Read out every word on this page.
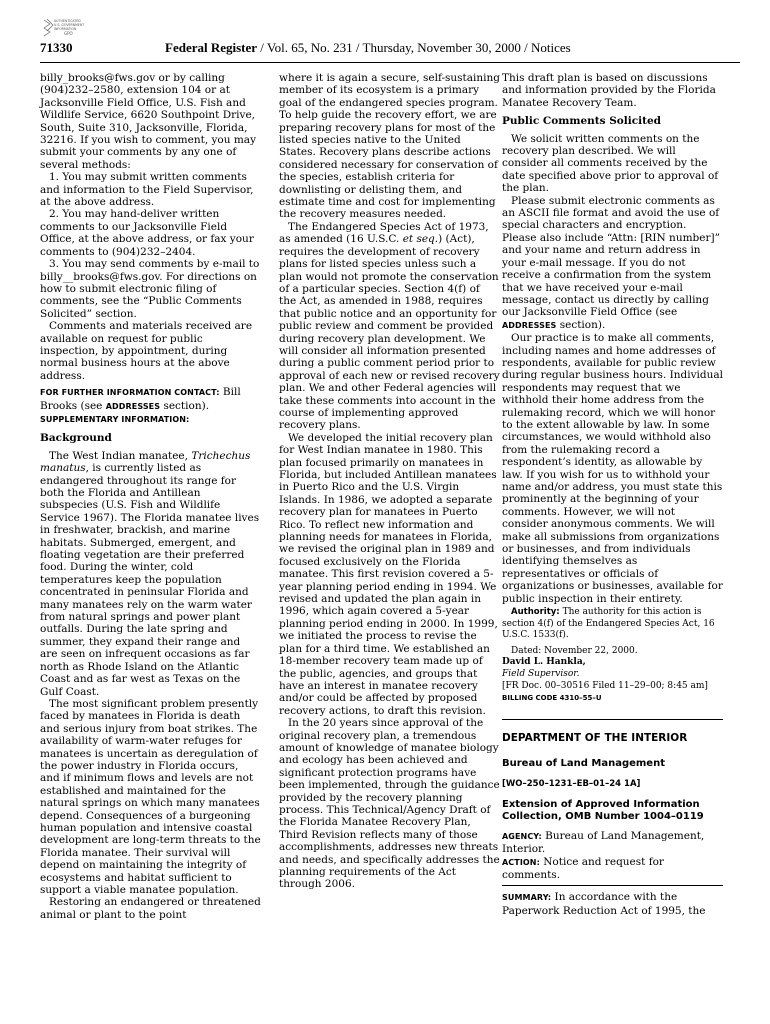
AUTHENTICATED
U.S. GOVERNMENT
INFORMATION
GPO
71330	Federal Register / Vol. 65, No. 231 / Thursday, November 30, 2000 / Notices

billy_brooks@fws.gov or by calling (904)232–2580, extension 104 or at Jacksonville Field Office, U.S. Fish and Wildlife Service, 6620 Southpoint Drive, South, Suite 310, Jacksonville, Florida, 32216. If you wish to comment, you may submit your comments by any one of several methods:

1. You may submit written comments and information to the Field Supervisor, at the above address.

2. You may hand-deliver written comments to our Jacksonville Field Office, at the above address, or fax your comments to (904)232–2404.

3. You may send comments by e-mail to billy__brooks@fws.gov. For directions on how to submit electronic filing of comments, see the “Public Comments Solicited” section.

Comments and materials received are available on request for public inspection, by appointment, during normal business hours at the above address.

FOR FURTHER INFORMATION CONTACT: Bill Brooks (see ADDRESSES section).

SUPPLEMENTARY INFORMATION:

Background

The West Indian manatee, Trichechus manatus, is currently listed as endangered throughout its range for both the Florida and Antillean subspecies (U.S. Fish and Wildlife Service 1967). The Florida manatee lives in freshwater, brackish, and marine habitats. Submerged, emergent, and floating vegetation are their preferred food. During the winter, cold temperatures keep the population concentrated in peninsular Florida and many manatees rely on the warm water from natural springs and power plant outfalls. During the late spring and summer, they expand their range and are seen on infrequent occasions as far north as Rhode Island on the Atlantic Coast and as far west as Texas on the Gulf Coast.

The most significant problem presently faced by manatees in Florida is death and serious injury from boat strikes. The availability of warm-water refuges for manatees is uncertain as deregulation of the power industry in Florida occurs, and if minimum flows and levels are not established and maintained for the natural springs on which many manatees depend. Consequences of a burgeoning human population and intensive coastal development are long-term threats to the Florida manatee. Their survival will depend on maintaining the integrity of ecosystems and habitat sufficient to support a viable manatee population.

Restoring an endangered or threatened animal or plant to the point

where it is again a secure, self-sustaining member of its ecosystem is a primary goal of the endangered species program. To help guide the recovery effort, we are preparing recovery plans for most of the listed species native to the United States. Recovery plans describe actions considered necessary for conservation of the species, establish criteria for downlisting or delisting them, and estimate time and cost for implementing the recovery measures needed.

The Endangered Species Act of 1973, as amended (16 U.S.C. et seq.) (Act), requires the development of recovery plans for listed species unless such a plan would not promote the conservation of a particular species. Section 4(f) of the Act, as amended in 1988, requires that public notice and an opportunity for public review and comment be provided during recovery plan development. We will consider all information presented during a public comment period prior to approval of each new or revised recovery plan. We and other Federal agencies will take these comments into account in the course of implementing approved recovery plans.

We developed the initial recovery plan for West Indian manatee in 1980. This plan focused primarily on manatees in Florida, but included Antillean manatees in Puerto Rico and the U.S. Virgin Islands. In 1986, we adopted a separate recovery plan for manatees in Puerto Rico. To reflect new information and planning needs for manatees in Florida, we revised the original plan in 1989 and focused exclusively on the Florida manatee. This first revision covered a 5-year planning period ending in 1994. We revised and updated the plan again in 1996, which again covered a 5-year planning period ending in 2000. In 1999, we initiated the process to revise the plan for a third time. We established an 18-member recovery team made up of the public, agencies, and groups that have an interest in manatee recovery and/or could be affected by proposed recovery actions, to draft this revision.

In the 20 years since approval of the original recovery plan, a tremendous amount of knowledge of manatee biology and ecology has been achieved and significant protection programs have been implemented, through the guidance provided by the recovery planning process. This Technical/Agency Draft of the Florida Manatee Recovery Plan, Third Revision reflects many of those accomplishments, addresses new threats and needs, and specifically addresses the planning requirements of the Act through 2006.

This draft plan is based on discussions and information provided by the Florida Manatee Recovery Team.

Public Comments Solicited

We solicit written comments on the recovery plan described. We will consider all comments received by the date specified above prior to approval of the plan.

Please submit electronic comments as an ASCII file format and avoid the use of special characters and encryption. Please also include “Attn: [RIN number]” and your name and return address in your e-mail message. If you do not receive a confirmation from the system that we have received your e-mail message, contact us directly by calling our Jacksonville Field Office (see ADDRESSES section).

Our practice is to make all comments, including names and home addresses of respondents, available for public review during regular business hours. Individual respondents may request that we withhold their home address from the rulemaking record, which we will honor to the extent allowable by law. In some circumstances, we would withhold also from the rulemaking record a respondent’s identity, as allowable by law. If you wish for us to withhold your name and/or address, you must state this prominently at the beginning of your comments. However, we will not consider anonymous comments. We will make all submissions from organizations or businesses, and from individuals identifying themselves as representatives or officials of organizations or businesses, available for public inspection in their entirety.

Authority: The authority for this action is section 4(f) of the Endangered Species Act, 16 U.S.C. 1533(f).

Dated: November 22, 2000.

David L. Hankla,

Field Supervisor.

[FR Doc. 00–30516 Filed 11–29–00; 8:45 am]

BILLING CODE 4310–55–U

DEPARTMENT OF THE INTERIOR

Bureau of Land Management

[WO–250–1231–EB–01–24 1A]

Extension of Approved Information Collection, OMB Number 1004–0119

AGENCY: Bureau of Land Management, Interior.

ACTION: Notice and request for comments.

SUMMARY: In accordance with the Paperwork Reduction Act of 1995, the
